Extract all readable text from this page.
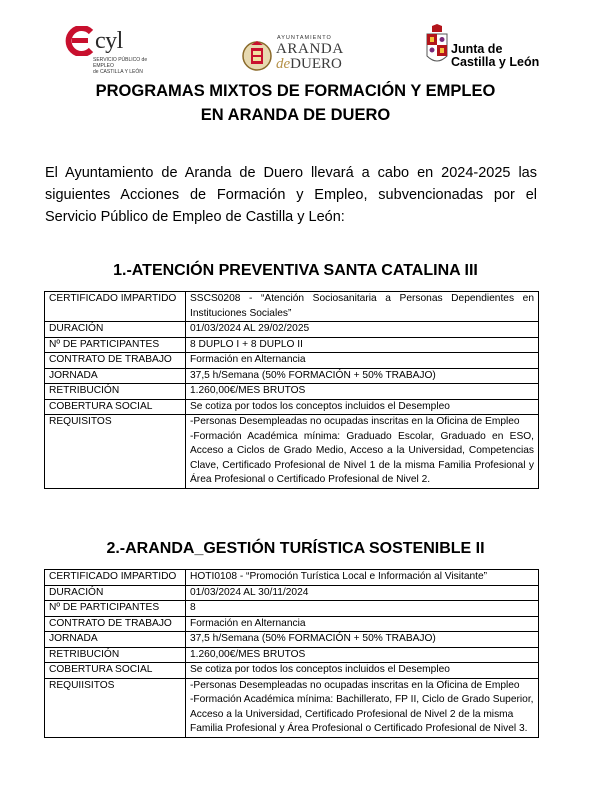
cyl
SERVICIO PÚBLICO de EMPLEO
de CASTILLA Y LEÓN
AYUNTAMIENTO
ARANDA
deDUERO
Junta de
Castilla y León
PROGRAMAS MIXTOS DE FORMACIÓN Y EMPLEO
EN ARANDA DE DUERO

El Ayuntamiento de Aranda de Duero llevará a cabo en 2024-2025 las siguientes Acciones de Formación y Empleo, subvencionadas por el Servicio Público de Empleo de Castilla y León:

1.-ATENCIÓN PREVENTIVA SANTA CATALINA III
CERTIFICADO IMPARTIDO	SSCS0208 - “Atención Sociosanitaria a Personas Dependientes en Instituciones Sociales”
DURACIÓN	01/03/2024 AL 29/02/2025
Nº DE PARTICIPANTES	8 DUPLO I + 8 DUPLO II
CONTRATO DE TRABAJO	Formación en Alternancia
JORNADA	37,5 h/Semana (50% FORMACIÓN + 50% TRABAJO)
RETRIBUCIÓN	1.260,00€/MES BRUTOS
COBERTURA SOCIAL	Se cotiza por todos los conceptos incluidos el Desempleo
REQUISITOS	-Personas Desempleadas no ocupadas inscritas en la Oficina de Empleo
-Formación Académica mínima: Graduado Escolar, Graduado en ESO, Acceso a Ciclos de Grado Medio, Acceso a la Universidad, Competencias Clave, Certificado Profesional de Nivel 1 de la misma Familia Profesional y Área Profesional o Certificado Profesional de Nivel 2.
2.-ARANDA_GESTIÓN TURÍSTICA SOSTENIBLE II
CERTIFICADO IMPARTIDO	HOTI0108 - “Promoción Turística Local e Información al Visitante”
DURACIÓN	01/03/2024 AL 30/11/2024
Nº DE PARTICIPANTES	8
CONTRATO DE TRABAJO	Formación en Alternancia
JORNADA	37,5 h/Semana (50% FORMACIÓN + 50% TRABAJO)
RETRIBUCIÓN	1.260,00€/MES BRUTOS
COBERTURA SOCIAL	Se cotiza por todos los conceptos incluidos el Desempleo
REQUIISITOS	-Personas Desempleadas no ocupadas inscritas en la Oficina de Empleo
-Formación Académica mínima: Bachillerato, FP II, Ciclo de Grado Superior, Acceso a la Universidad, Certificado Profesional de Nivel 2 de la misma Familia Profesional y Área Profesional o Certificado Profesional de Nivel 3.
